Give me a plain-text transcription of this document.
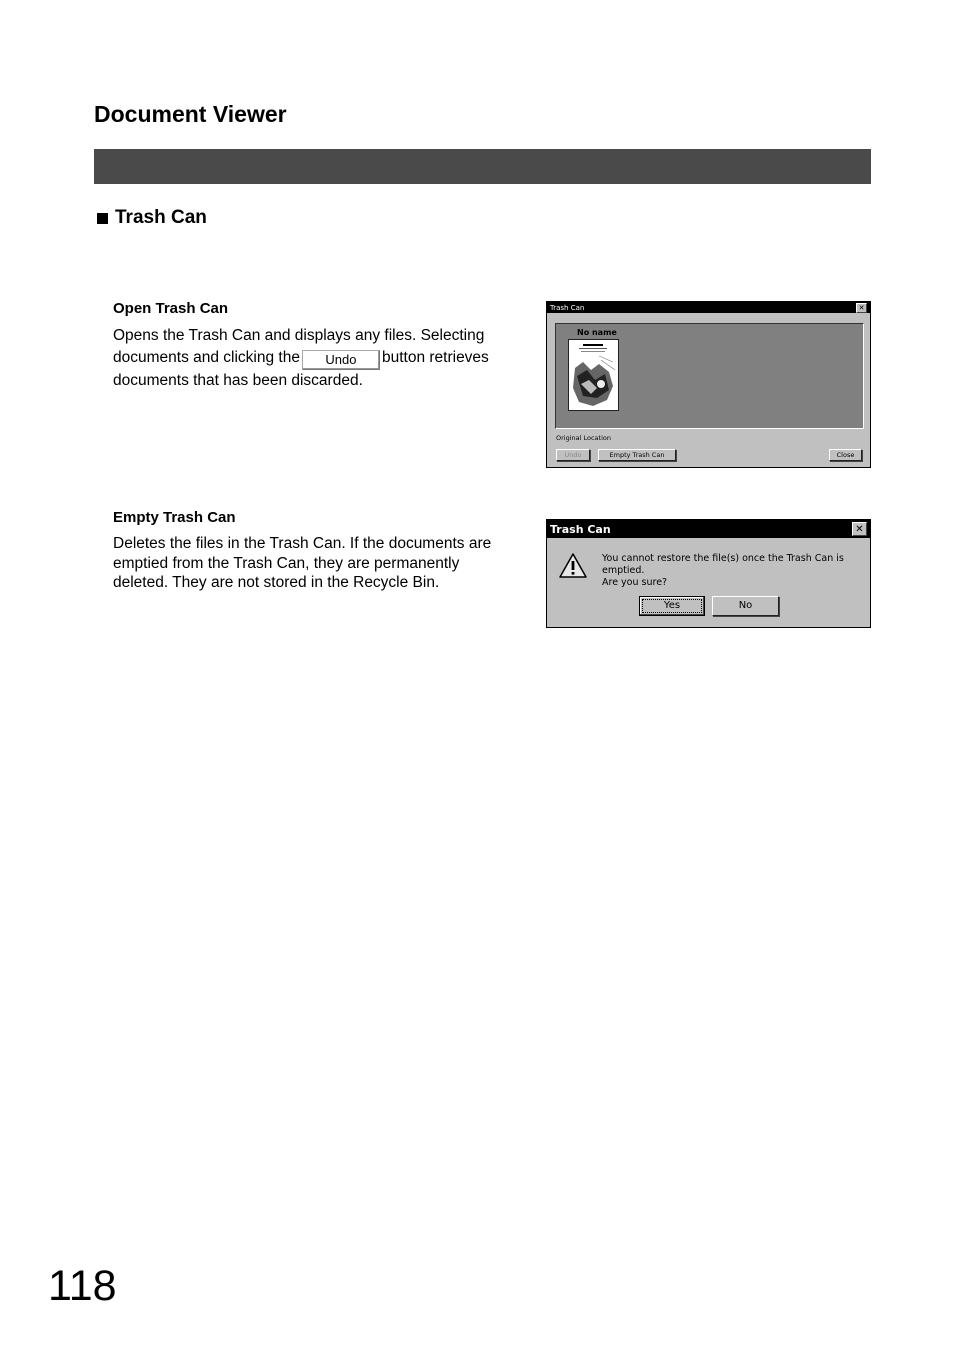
Document Viewer
Trash Can
Open Trash Can
Opens the Trash Can and displays any files. Selecting
documents and clicking the Undo button retrieves
documents that has been discarded.
Trash Can	✕
No name
Original Location
Undo	Empty Trash Can	Close
Empty Trash Can
Deletes the files in the Trash Can. If the documents are
emptied from the Trash Can, they are permanently
deleted. They are not stored in the Recycle Bin.
Trash Can	✕
You cannot restore the file(s) once the Trash Can is emptied.
Are you sure?
Yes	No
118
